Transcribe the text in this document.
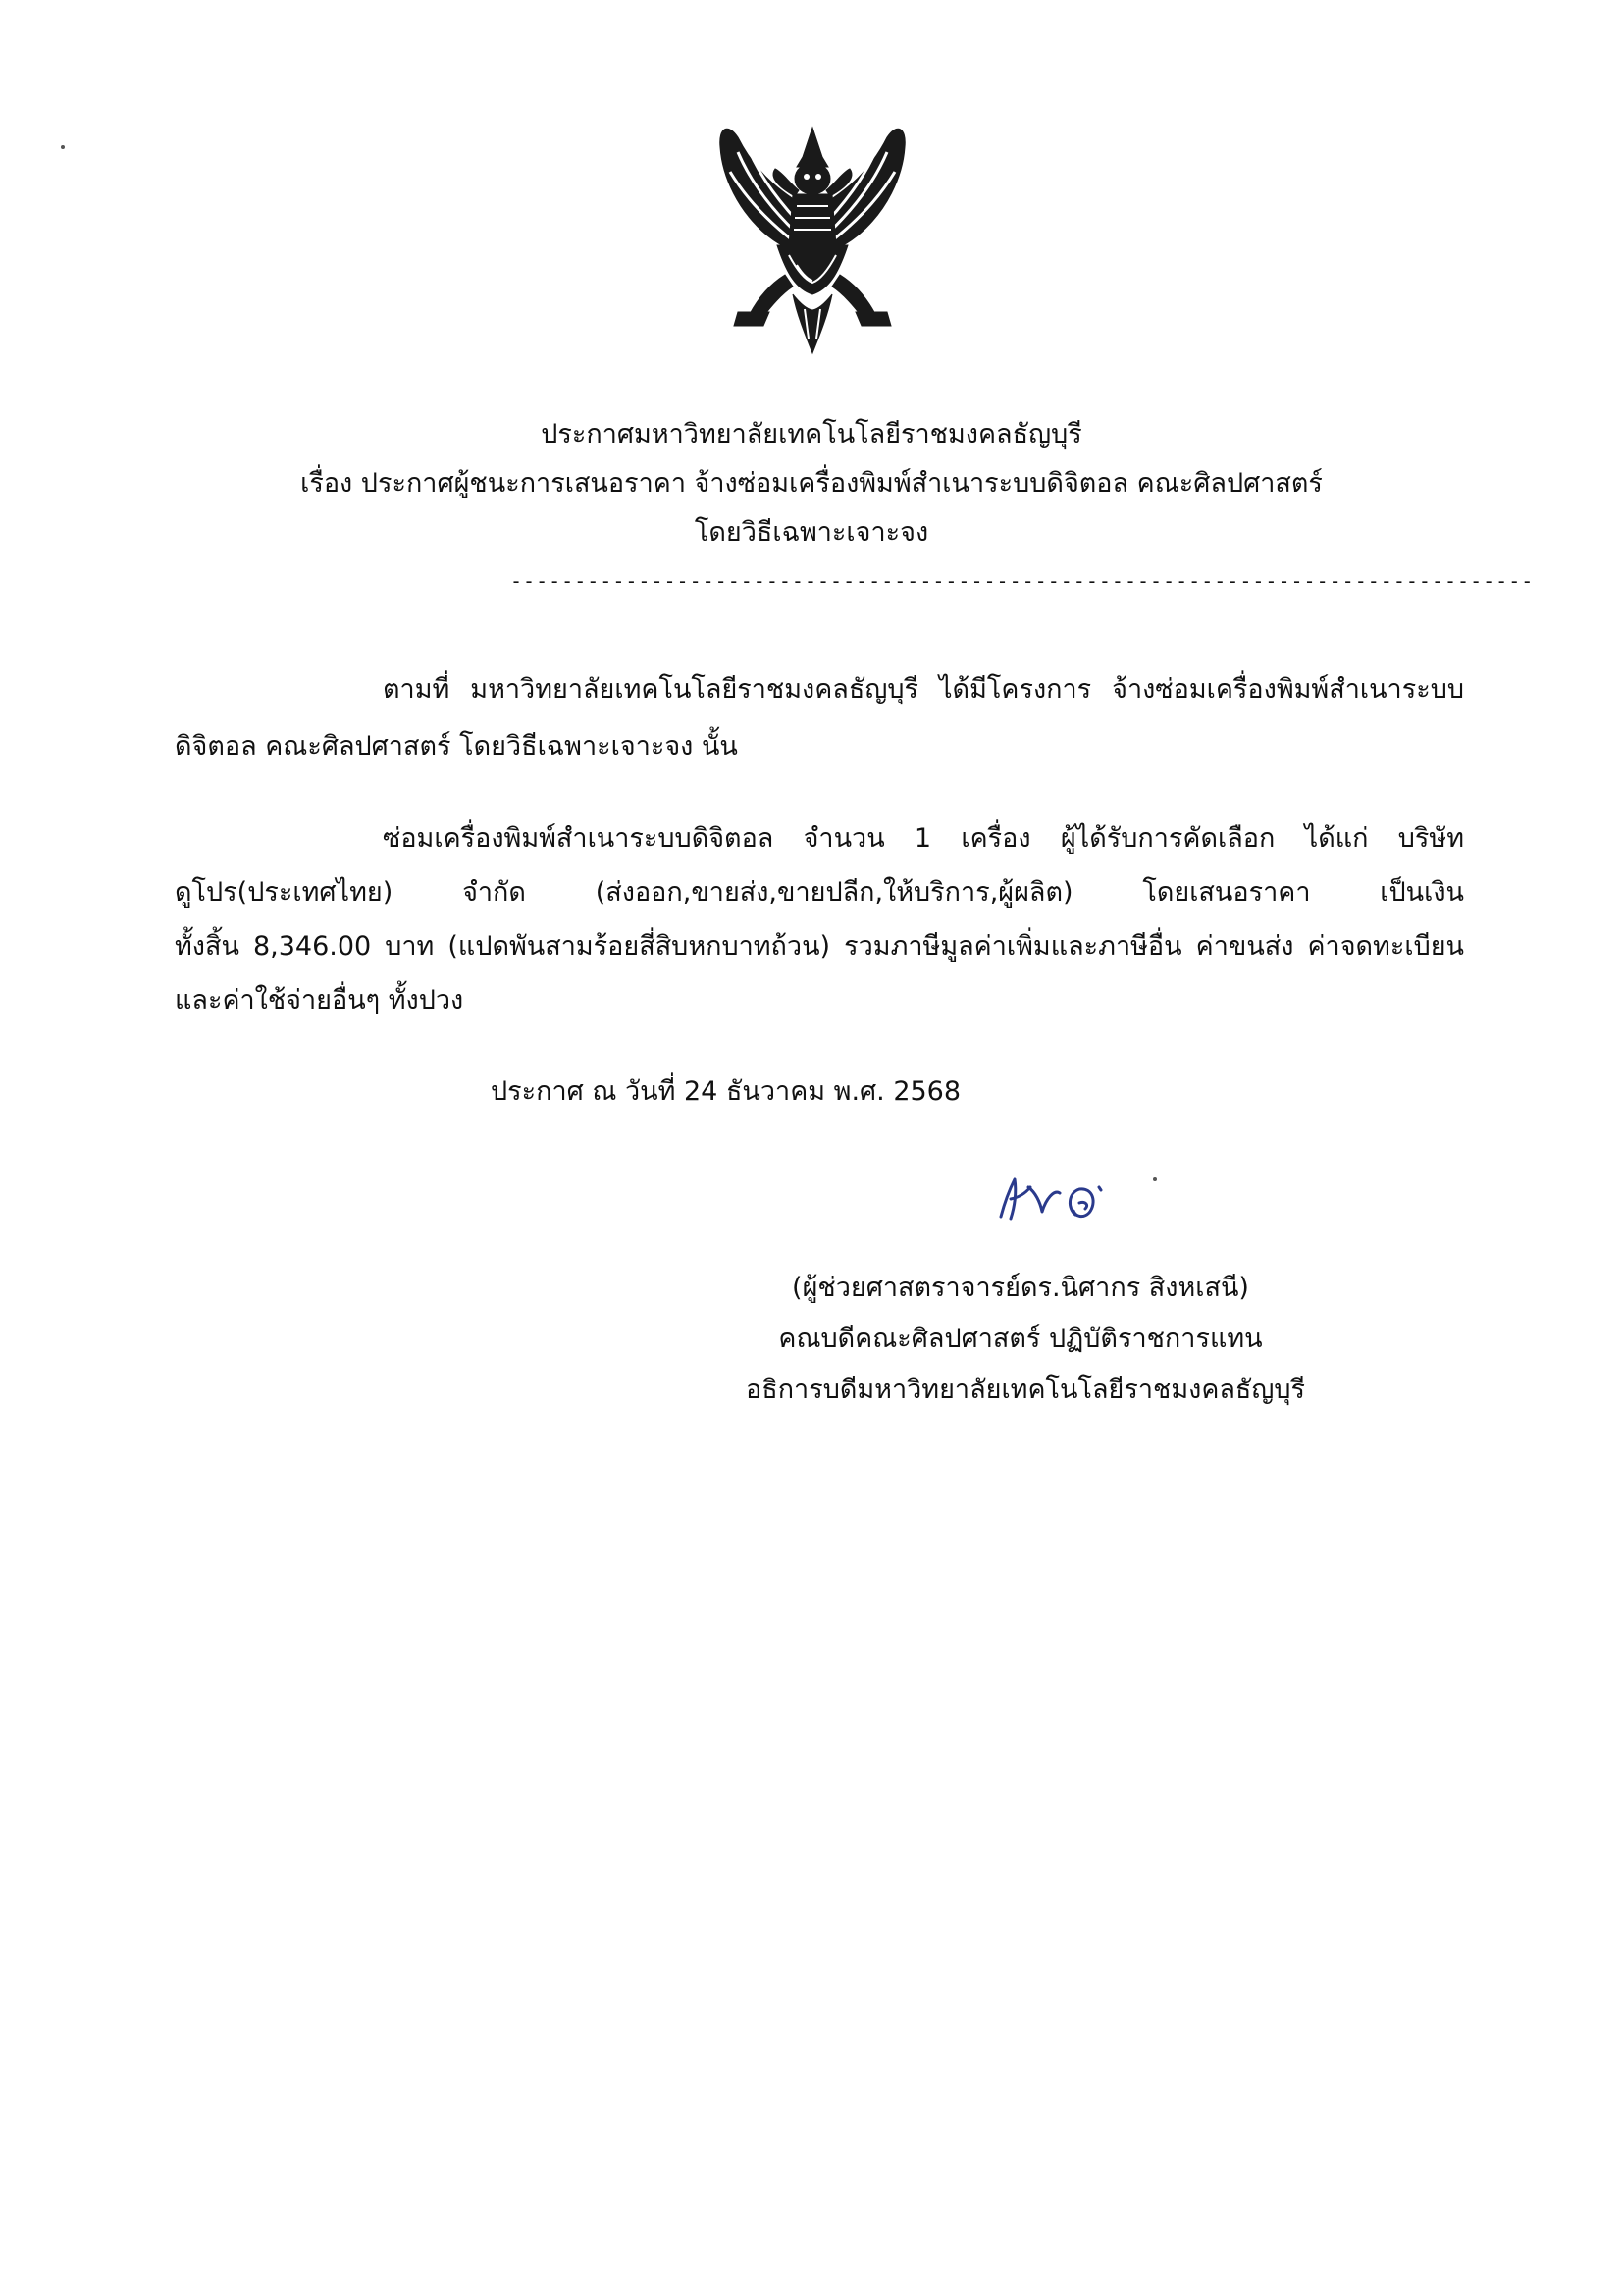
ประกาศมหาวิทยาลัยเทคโนโลยีราชมงคลธัญบุรี
เรื่อง ประกาศผู้ชนะการเสนอราคา จ้างซ่อมเครื่องพิมพ์สำเนาระบบดิจิตอล คณะศิลปศาสตร์
โดยวิธีเฉพาะเจาะจง
--------------------------------------------------------------------------------
ตามที่ มหาวิทยาลัยเทคโนโลยีราชมงคลธัญบุรี ได้มีโครงการ จ้างซ่อมเครื่องพิมพ์สำเนาระบบ
ดิจิตอล คณะศิลปศาสตร์ โดยวิธีเฉพาะเจาะจง นั้น
ซ่อมเครื่องพิมพ์สำเนาระบบดิจิตอล จำนวน 1 เครื่อง ผู้ได้รับการคัดเลือก ได้แก่ บริษัท
ดูโปร(ประเทศไทย) จำกัด (ส่งออก,ขายส่ง,ขายปลีก,ให้บริการ,ผู้ผลิต) โดยเสนอราคา เป็นเงิน
ทั้งสิ้น 8,346.00 บาท (แปดพันสามร้อยสี่สิบหกบาทถ้วน) รวมภาษีมูลค่าเพิ่มและภาษีอื่น ค่าขนส่ง ค่าจดทะเบียน
และค่าใช้จ่ายอื่นๆ ทั้งปวง
ประกาศ ณ วันที่ 24 ธันวาคม พ.ศ. 2568
(ผู้ช่วยศาสตราจารย์ดร.นิศากร สิงหเสนี)
คณบดีคณะศิลปศาสตร์ ปฏิบัติราชการแทน
อธิการบดีมหาวิทยาลัยเทคโนโลยีราชมงคลธัญบุรี
